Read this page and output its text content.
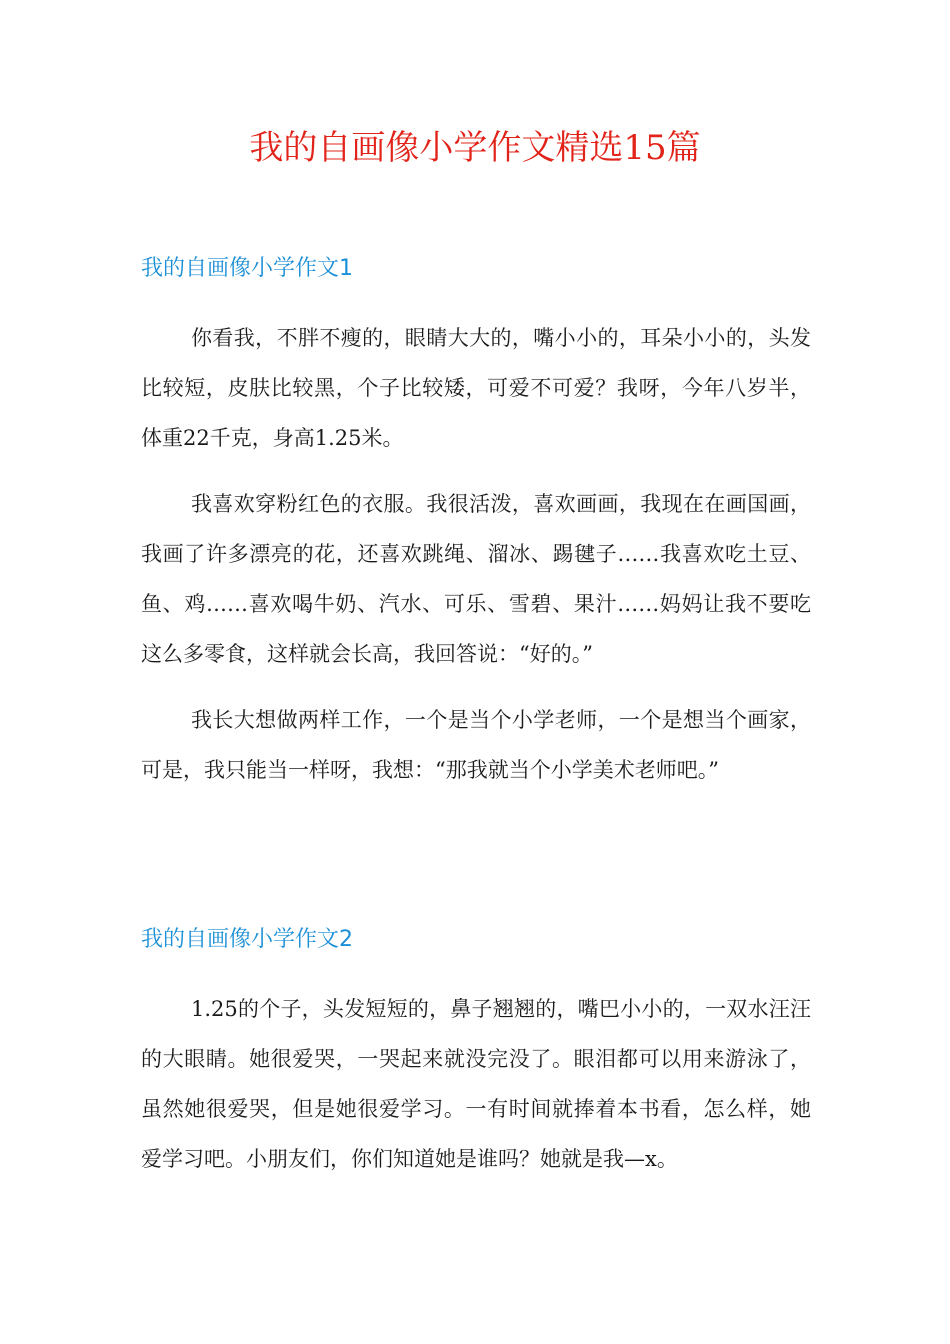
我的自画像小学作文精选15篇
我的自画像小学作文1

你看我，不胖不瘦的，眼睛大大的，嘴小小的，耳朵小小的，头发比较短，皮肤比较黑，个子比较矮，可爱不可爱？我呀，今年八岁半，体重22千克，身高1.25米。

我喜欢穿粉红色的衣服。我很活泼，喜欢画画，我现在在画国画，我画了许多漂亮的花，还喜欢跳绳、溜冰、踢毽子……我喜欢吃土豆、鱼、鸡……喜欢喝牛奶、汽水、可乐、雪碧、果汁……妈妈让我不要吃这么多零食，这样就会长高，我回答说：“好的。”

我长大想做两样工作，一个是当个小学老师，一个是想当个画家，可是，我只能当一样呀，我想：“那我就当个小学美术老师吧。”

我的自画像小学作文2

1.25的个子，头发短短的，鼻子翘翘的，嘴巴小小的，一双水汪汪的大眼睛。她很爱哭，一哭起来就没完没了。眼泪都可以用来游泳了，虽然她很爱哭，但是她很爱学习。一有时间就捧着本书看，怎么样，她爱学习吧。小朋友们，你们知道她是谁吗？她就是我—x。
